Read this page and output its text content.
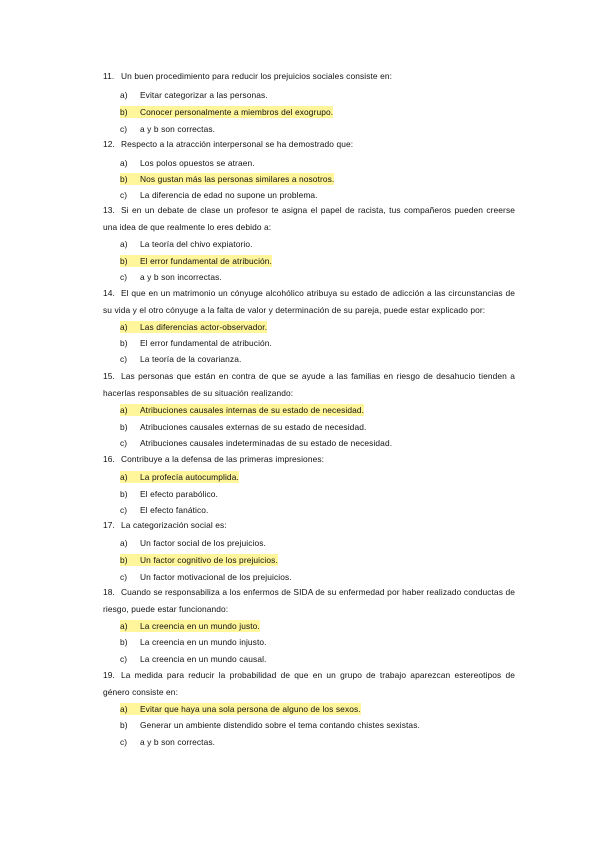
11. Un buen procedimiento para reducir los prejuicios sociales consiste en:
a) Evitar categorizar a las personas.
b) Conocer personalmente a miembros del exogrupo.
c) a y b son correctas.
12. Respecto a la atracción interpersonal se ha demostrado que:
a) Los polos opuestos se atraen.
b) Nos gustan más las personas similares a nosotros.
c) La diferencia de edad no supone un problema.
13. Si en un debate de clase un profesor te asigna el papel de racista, tus compañeros pueden creerse una idea de que realmente lo eres debido a:
a) La teoría del chivo expiatorio.
b) El error fundamental de atribución.
c) a y b son incorrectas.
14. El que en un matrimonio un cónyuge alcohólico atribuya su estado de adicción a las circunstancias de su vida y el otro cónyuge a la falta de valor y determinación de su pareja, puede estar explicado por:
a) Las diferencias actor-observador.
b) El error fundamental de atribución.
c) La teoría de la covarianza.
15. Las personas que están en contra de que se ayude a las familias en riesgo de desahucio tienden a hacerlas responsables de su situación realizando:
a) Atribuciones causales internas de su estado de necesidad.
b) Atribuciones causales externas de su estado de necesidad.
c) Atribuciones causales indeterminadas de su estado de necesidad.
16. Contribuye a la defensa de las primeras impresiones:
a) La profecía autocumplida.
b) El efecto parabólico.
c) El efecto fanático.
17. La categorización social es:
a) Un factor social de los prejuicios.
b) Un factor cognitivo de los prejuicios.
c) Un factor motivacional de los prejuicios.
18. Cuando se responsabiliza a los enfermos de SIDA de su enfermedad por haber realizado conductas de riesgo, puede estar funcionando:
a) La creencia en un mundo justo.
b) La creencia en un mundo injusto.
c) La creencia en un mundo causal.
19. La medida para reducir la probabilidad de que en un grupo de trabajo aparezcan estereotipos de género consiste en:
a) Evitar que haya una sola persona de alguno de los sexos.
b) Generar un ambiente distendido sobre el tema contando chistes sexistas.
c) a y b son correctas.
